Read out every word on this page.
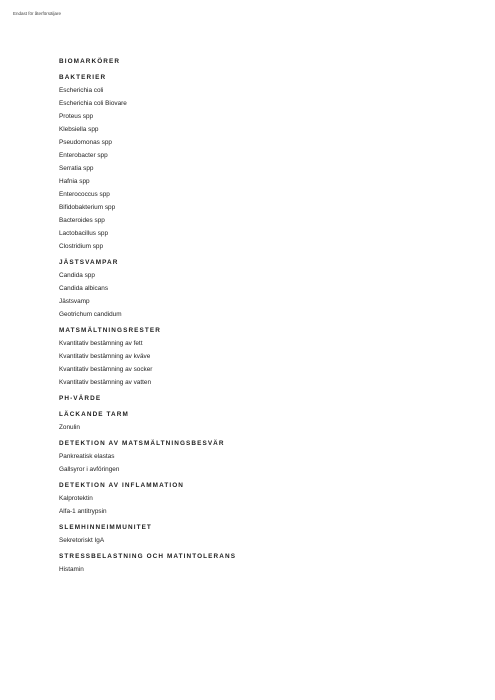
Endast för återförsäljare
BIOMARKÖRER
BAKTERIER
Escherichia coli
Escherichia coli Biovare
Proteus spp
Klebsiella spp
Pseudomonas spp
Enterobacter spp
Serratia spp
Hafnia spp
Enterococcus spp
Bifidobakterium spp
Bacteroides spp
Lactobacillus spp
Clostridium spp
JÄSTSVAMPAR
Candida spp
Candida albicans
Jästsvamp
Geotrichum candidum
MATSMÄLTNINGSRESTER
Kvantitativ bestämning av fett
Kvantitativ bestämning av kväve
Kvantitativ bestämning av socker
Kvantitativ bestämning av vatten
PH-VÄRDE
LÄCKANDE TARM
Zonulin
DETEKTION AV MATSMÄLTNINGSBESVÄR
Pankreatisk elastas
Gallsyror i avföringen
DETEKTION AV INFLAMMATION
Kalprotektin
Alfa-1 antitrypsin
SLEMHINNEIMMUNITET
Sekretoriskt IgA
STRESSBELASTNING OCH MATINTOLERANS
Histamin
